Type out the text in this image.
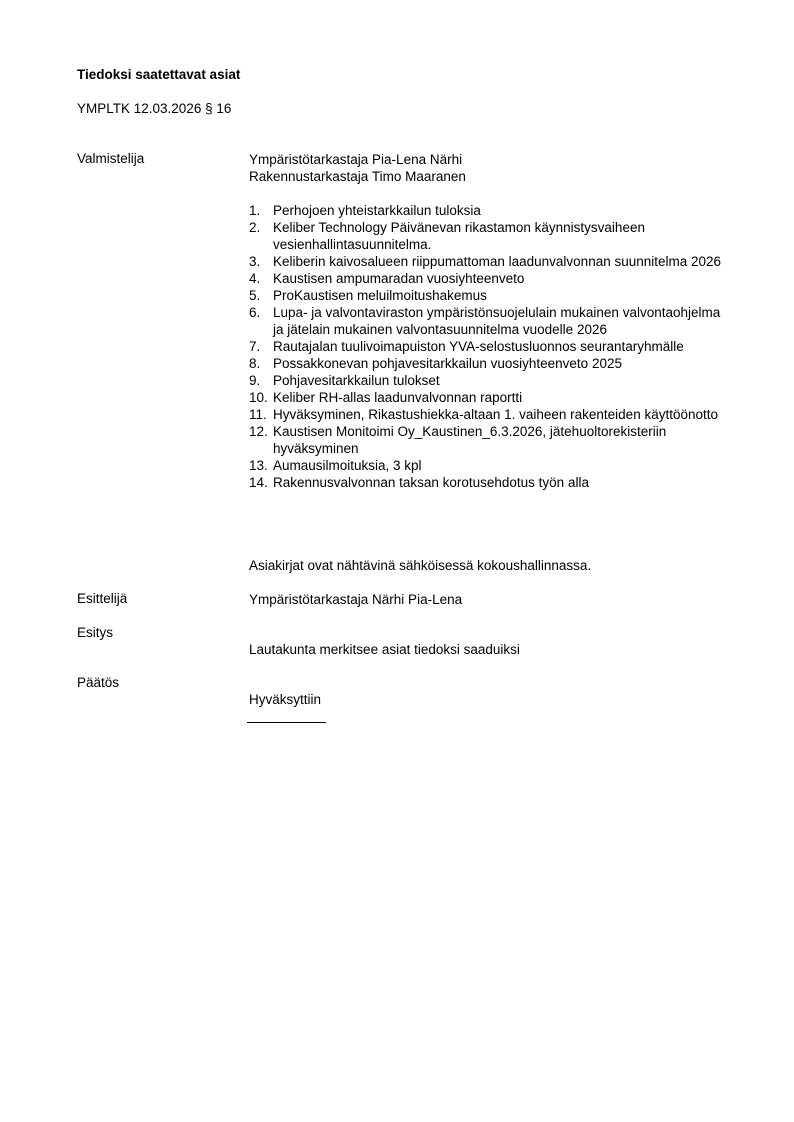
Tiedoksi saatettavat asiat
YMPLTK 12.03.2026 § 16
Valmistelija	Ympäristötarkastaja Pia-Lena Närhi
Rakennustarkastaja Timo Maaranen
1. Perhojoen yhteistarkkailun tuloksia
2. Keliber Technology Päivänevan rikastamon käynnistysvaiheen vesienhallintasuunnitelma.
3. Keliberin kaivosalueen riippumattoman laadunvalvonnan suunnitelma 2026
4. Kaustisen ampumaradan vuosiyhteenveto
5. ProKaustisen meluilmoitushakemus
6. Lupa- ja valvontaviraston ympäristönsuojelulain mukainen valvontaohjelma ja jätelain mukainen valvontasuunnitelma vuodelle 2026
7. Rautajalan tuulivoimapuiston YVA-selostusluonnos seurantaryhmälle
8. Possakkonevan pohjavesitarkkailun vuosiyhteenveto 2025
9. Pohjavesitarkkailun tulokset
10. Keliber RH-allas laadunvalvonnan raportti
11. Hyväksyminen, Rikastushiekka-altaan 1. vaiheen rakenteiden käyttöönotto
12. Kaustisen Monitoimi Oy_Kaustinen_6.3.2026, jätehuoltorekisteriin hyväksyminen
13. Aumausilmoituksia, 3 kpl
14. Rakennusvalvonnan taksan korotusehdotus työn alla
Asiakirjat ovat nähtävinä sähköisessä kokoushallinnassa.
Esittelijä	Ympäristötarkastaja Närhi Pia-Lena
Esitys
Lautakunta merkitsee asiat tiedoksi saaduiksi
Päätös
Hyväksyttiin
